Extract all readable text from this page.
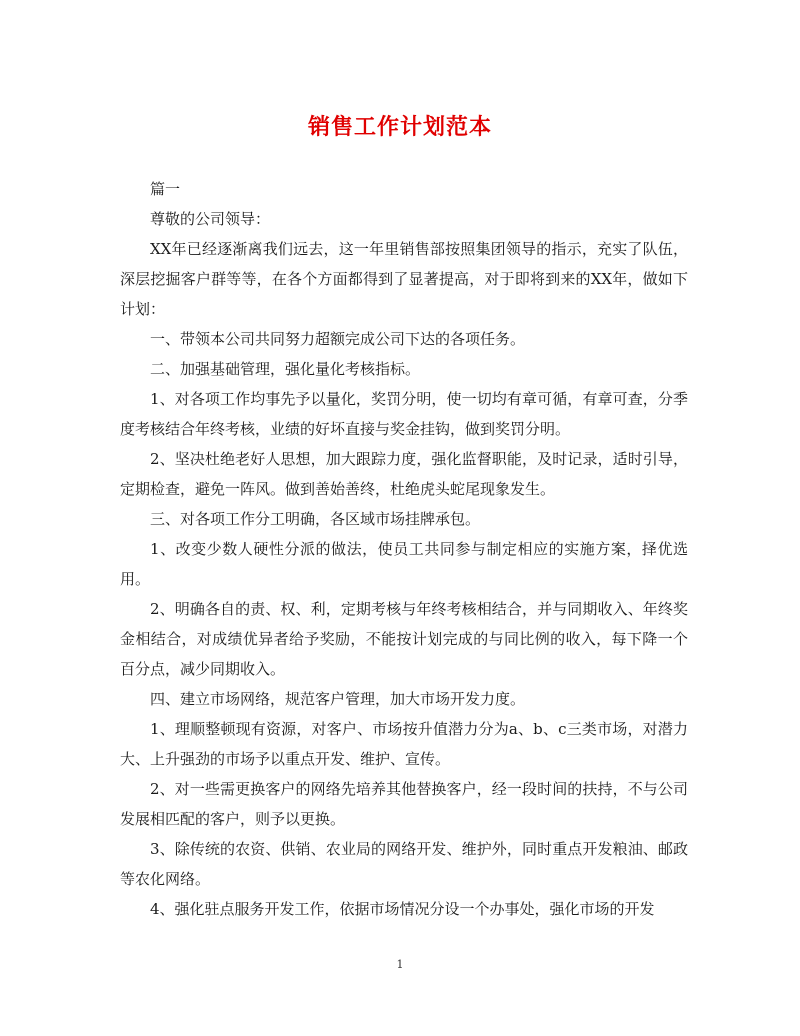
销售工作计划范本

篇一

尊敬的公司领导：

XX年已经逐渐离我们远去，这一年里销售部按照集团领导的指示，充实了队伍，深层挖掘客户群等等，在各个方面都得到了显著提高，对于即将到来的XX年，做如下计划：

一、带领本公司共同努力超额完成公司下达的各项任务。

二、加强基础管理，强化量化考核指标。

1、对各项工作均事先予以量化，奖罚分明，使一切均有章可循，有章可查，分季度考核结合年终考核，业绩的好坏直接与奖金挂钩，做到奖罚分明。

2、坚决杜绝老好人思想，加大跟踪力度，强化监督职能，及时记录，适时引导，定期检查，避免一阵风。做到善始善终，杜绝虎头蛇尾现象发生。

三、对各项工作分工明确，各区域市场挂牌承包。

1、改变少数人硬性分派的做法，使员工共同参与制定相应的实施方案，择优选用。

2、明确各自的责、权、利，定期考核与年终考核相结合，并与同期收入、年终奖金相结合，对成绩优异者给予奖励，不能按计划完成的与同比例的收入，每下降一个百分点，减少同期收入。

四、建立市场网络，规范客户管理，加大市场开发力度。

1、理顺整顿现有资源，对客户、市场按升值潜力分为a、b、c三类市场，对潜力大、上升强劲的市场予以重点开发、维护、宣传。

2、对一些需更换客户的网络先培养其他替换客户，经一段时间的扶持，不与公司发展相匹配的客户，则予以更换。

3、除传统的农资、供销、农业局的网络开发、维护外，同时重点开发粮油、邮政等农化网络。

4、强化驻点服务开发工作，依据市场情况分设一个办事处，强化市场的开发

1
